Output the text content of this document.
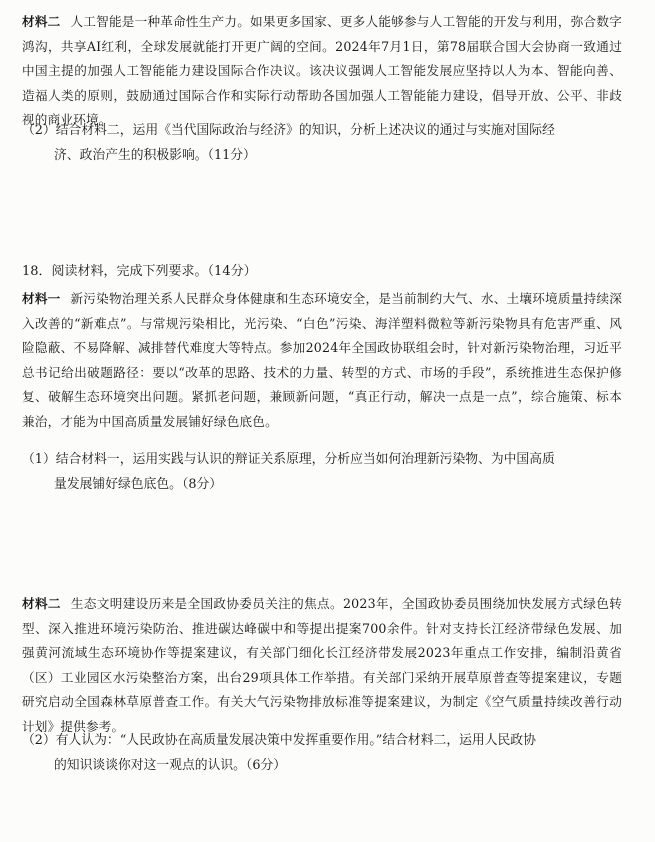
材料二 人工智能是一种革命性生产力。如果更多国家、更多人能够参与人工智能的开发与利用，弥合数字鸿沟，共享AI红利，全球发展就能打开更广阔的空间。2024年7月1日，第78届联合国大会协商一致通过中国主提的加强人工智能能力建设国际合作决议。该决议强调人工智能发展应坚持以人为本、智能向善、造福人类的原则，鼓励通过国际合作和实际行动帮助各国加强人工智能能力建设，倡导开放、公平、非歧视的商业环境。

（2）结合材料二，运用《当代国际政治与经济》的知识，分析上述决议的通过与实施对国际经
济、政治产生的积极影响。（11分）

18．阅读材料，完成下列要求。（14分）

材料一 新污染物治理关系人民群众身体健康和生态环境安全，是当前制约大气、水、土壤环境质量持续深入改善的“新难点”。与常规污染相比，光污染、“白色”污染、海洋塑料微粒等新污染物具有危害严重、风险隐蔽、不易降解、减排替代难度大等特点。参加2024年全国政协联组会时，针对新污染物治理，习近平总书记给出破题路径：要以“改革的思路、技术的力量、转型的方式、市场的手段”，系统推进生态保护修复、破解生态环境突出问题。紧抓老问题，兼顾新问题，“真正行动，解决一点是一点”，综合施策、标本兼治，才能为中国高质量发展铺好绿色底色。

（1）结合材料一，运用实践与认识的辩证关系原理，分析应当如何治理新污染物、为中国高质
量发展铺好绿色底色。（8分）

材料二 生态文明建设历来是全国政协委员关注的焦点。2023年，全国政协委员围绕加快发展方式绿色转型、深入推进环境污染防治、推进碳达峰碳中和等提出提案700余件。针对支持长江经济带绿色发展、加强黄河流域生态环境协作等提案建议，有关部门细化长江经济带发展2023年重点工作安排，编制沿黄省（区）工业园区水污染整治方案，出台29项具体工作举措。有关部门采纳开展草原普查等提案建议，专题研究启动全国森林草原普查工作。有关大气污染物排放标准等提案建议，为制定《空气质量持续改善行动计划》提供参考。

（2）有人认为：“人民政协在高质量发展决策中发挥重要作用。”结合材料二，运用人民政协
的知识谈谈你对这一观点的认识。（6分）
